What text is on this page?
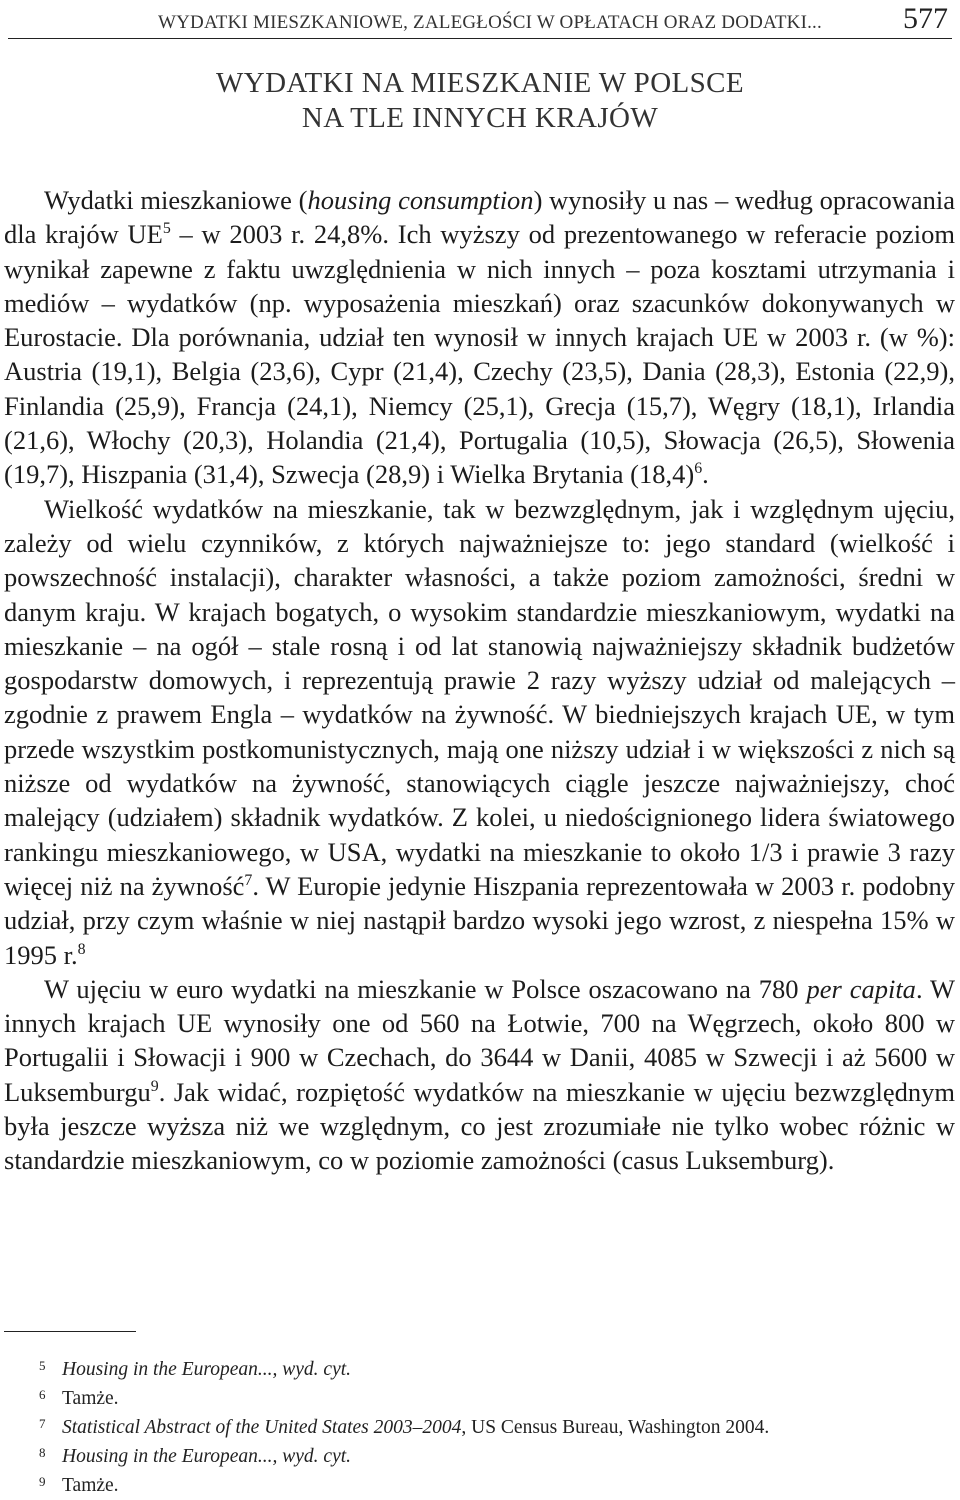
WYDATKI MIESZKANIOWE, ZALEGŁOŚCI W OPŁATACH ORAZ DODATKI...	577
WYDATKI NA MIESZKANIE W POLSCE
NA TLE INNYCH KRAJÓW

Wydatki mieszkaniowe (housing consumption) wynosiły u nas – według opracowania dla krajów $UE^5$ – w 2003 r. 24,8%. Ich wyższy od prezentowanego w referacie poziom wynikał zapewne z faktu uwzględnienia w nich innych – poza kosztami utrzymania i mediów – wydatków (np. wyposażenia mieszkań) oraz szacunków dokonywanych w Eurostacie. Dla porównania, udział ten wynosił w innych krajach UE w 2003 r. (w %): Austria (19,1), Belgia (23,6), Cypr (21,4), Czechy (23,5), Dania (28,3), Estonia (22,9), Finlandia (25,9), Francja (24,1), Niemcy (25,1), Grecja (15,7), Węgry (18,1), Irlandia (21,6), Włochy (20,3), Holandia (21,4), Portugalia (10,5), Słowacja (26,5), Słowenia (19,7), Hiszpania (31,4), Szwecja (28,9) i Wielka Brytania $(18,4)^6$.

Wielkość wydatków na mieszkanie, tak w bezwzględnym, jak i względnym ujęciu, zależy od wielu czynników, z których najważniejsze to: jego standard (wielkość i powszechność instalacji), charakter własności, a także poziom zamożności, średni w danym kraju. W krajach bogatych, o wysokim standardzie mieszkaniowym, wydatki na mieszkanie – na ogół – stale rosną i od lat stanowią najważniejszy składnik budżetów gospodarstw domowych, i reprezentują prawie 2 razy wyższy udział od malejących – zgodnie z prawem Engla – wydatków na żywność. W biedniejszych krajach UE, w tym przede wszystkim postkomunistycznych, mają one niższy udział i w większości z nich są niższe od wydatków na żywność, stanowiących ciągle jeszcze najważniejszy, choć malejący (udziałem) składnik wydatków. Z kolei, u niedoścignionego lidera światowego rankingu mieszkaniowego, w USA, wydatki na mieszkanie to około 1/3 i prawie 3 razy więcej niż na żywność$^7$. W Europie jedynie Hiszpania reprezentowała w 2003 r. podobny udział, przy czym właśnie w niej nastąpił bardzo wysoki jego wzrost, z niespełna 15% w 1995 r.$^8$

W ujęciu w euro wydatki na mieszkanie w Polsce oszacowano na 780 per capita. W innych krajach UE wynosiły one od 560 na Łotwie, 700 na Węgrzech, około 800 w Portugalii i Słowacji i 900 w Czechach, do 3644 w Danii, 4085 w Szwecji i aż 5600 w Luksemburgu$^9$. Jak widać, rozpiętość wydatków na mieszkanie w ujęciu bezwzględnym była jeszcze wyższa niż we względnym, co jest zrozumiałe nie tylko wobec różnic w standardzie mieszkaniowym, co w poziomie zamożności (casus Luksemburg).

5 Housing in the European..., wyd. cyt.
6 Tamże.
7 Statistical Abstract of the United States 2003–2004, US Census Bureau, Washington 2004.
8 Housing in the European..., wyd. cyt.
9 Tamże.
